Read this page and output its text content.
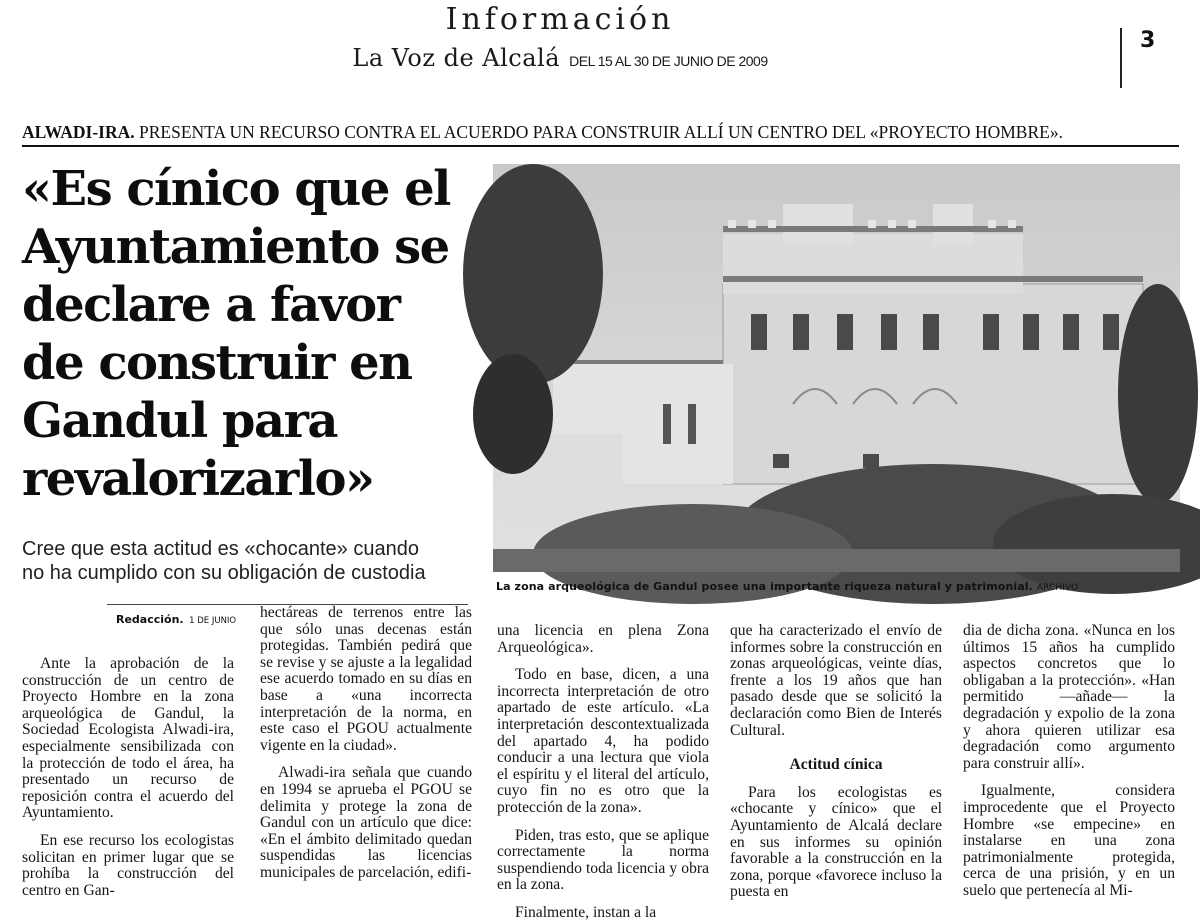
Información
La Voz de Alcalá DEL 15 AL 30 DE JUNIO DE 2009
3
ALWADI-IRA. PRESENTA UN RECURSO CONTRA EL ACUERDO PARA CONSTRUIR ALLÍ UN CENTRO DEL «PROYECTO HOMBRE».
«Es cínico que el
Ayuntamiento se
declare a favor
de construir en
Gandul para
revalorizarlo»
Cree que esta actitud es «chocante» cuando
no ha cumplido con su obligación de custodia
La zona arqueológica de Gandul posee una importante riqueza natural y patrimonial. ARCHIVO
Redacción. 1 DE JUNIO

Ante la aprobación de la construcción de un centro de Proyecto Hombre en la zona arqueológica de Gandul, la Sociedad Ecologista Alwadi-ira, especialmente sensibilizada con la protección de todo el área, ha presentado un recurso de reposición contra el acuerdo del Ayuntamiento.

En ese recurso los ecologistas solicitan en primer lugar que se prohíba la construcción del centro en Gan-

hectáreas de terrenos entre las que sólo unas decenas están protegidas. También pedirá que se revise y se ajuste a la legalidad ese acuerdo tomado en su días en base a «una incorrecta interpretación de la norma, en este caso el PGOU actualmente vigente en la ciudad».

Alwadi-ira señala que cuando en 1994 se aprueba el PGOU se delimita y protege la zona de Gandul con un artículo que dice: «En el ámbito delimitado quedan suspendidas las licencias municipales de parcelación, edifi-

una licencia en plena Zona Arqueológica».

Todo en base, dicen, a una incorrecta interpretación de otro apartado de este artículo. «La interpretación descontextualizada del apartado 4, ha podido conducir a una lectura que viola el espíritu y el literal del artículo, cuyo fin no es otro que la protección de la zona».

Piden, tras esto, que se aplique correctamente la norma suspendiendo toda licencia y obra en la zona.

Finalmente, instan a la

que ha caracterizado el envío de informes sobre la construcción en zonas arqueológicas, veinte días, frente a los 19 años que han pasado desde que se solicitó la declaración como Bien de Interés Cultural.

Actitud cínica

Para los ecologistas es «chocante y cínico» que el Ayuntamiento de Alcalá declare en sus informes su opinión favorable a la construcción en la zona, porque «favorece incluso la puesta en

dia de dicha zona. «Nunca en los últimos 15 años ha cumplido aspectos concretos que lo obligaban a la protección». «Han permitido —añade— la degradación y expolio de la zona y ahora quieren utilizar esa degradación como argumento para construir allí».

Igualmente, considera improcedente que el Proyecto Hombre «se empecine» en instalarse en una zona patrimonialmente protegida, cerca de una prisión, y en un suelo que pertenecía al Mi-
